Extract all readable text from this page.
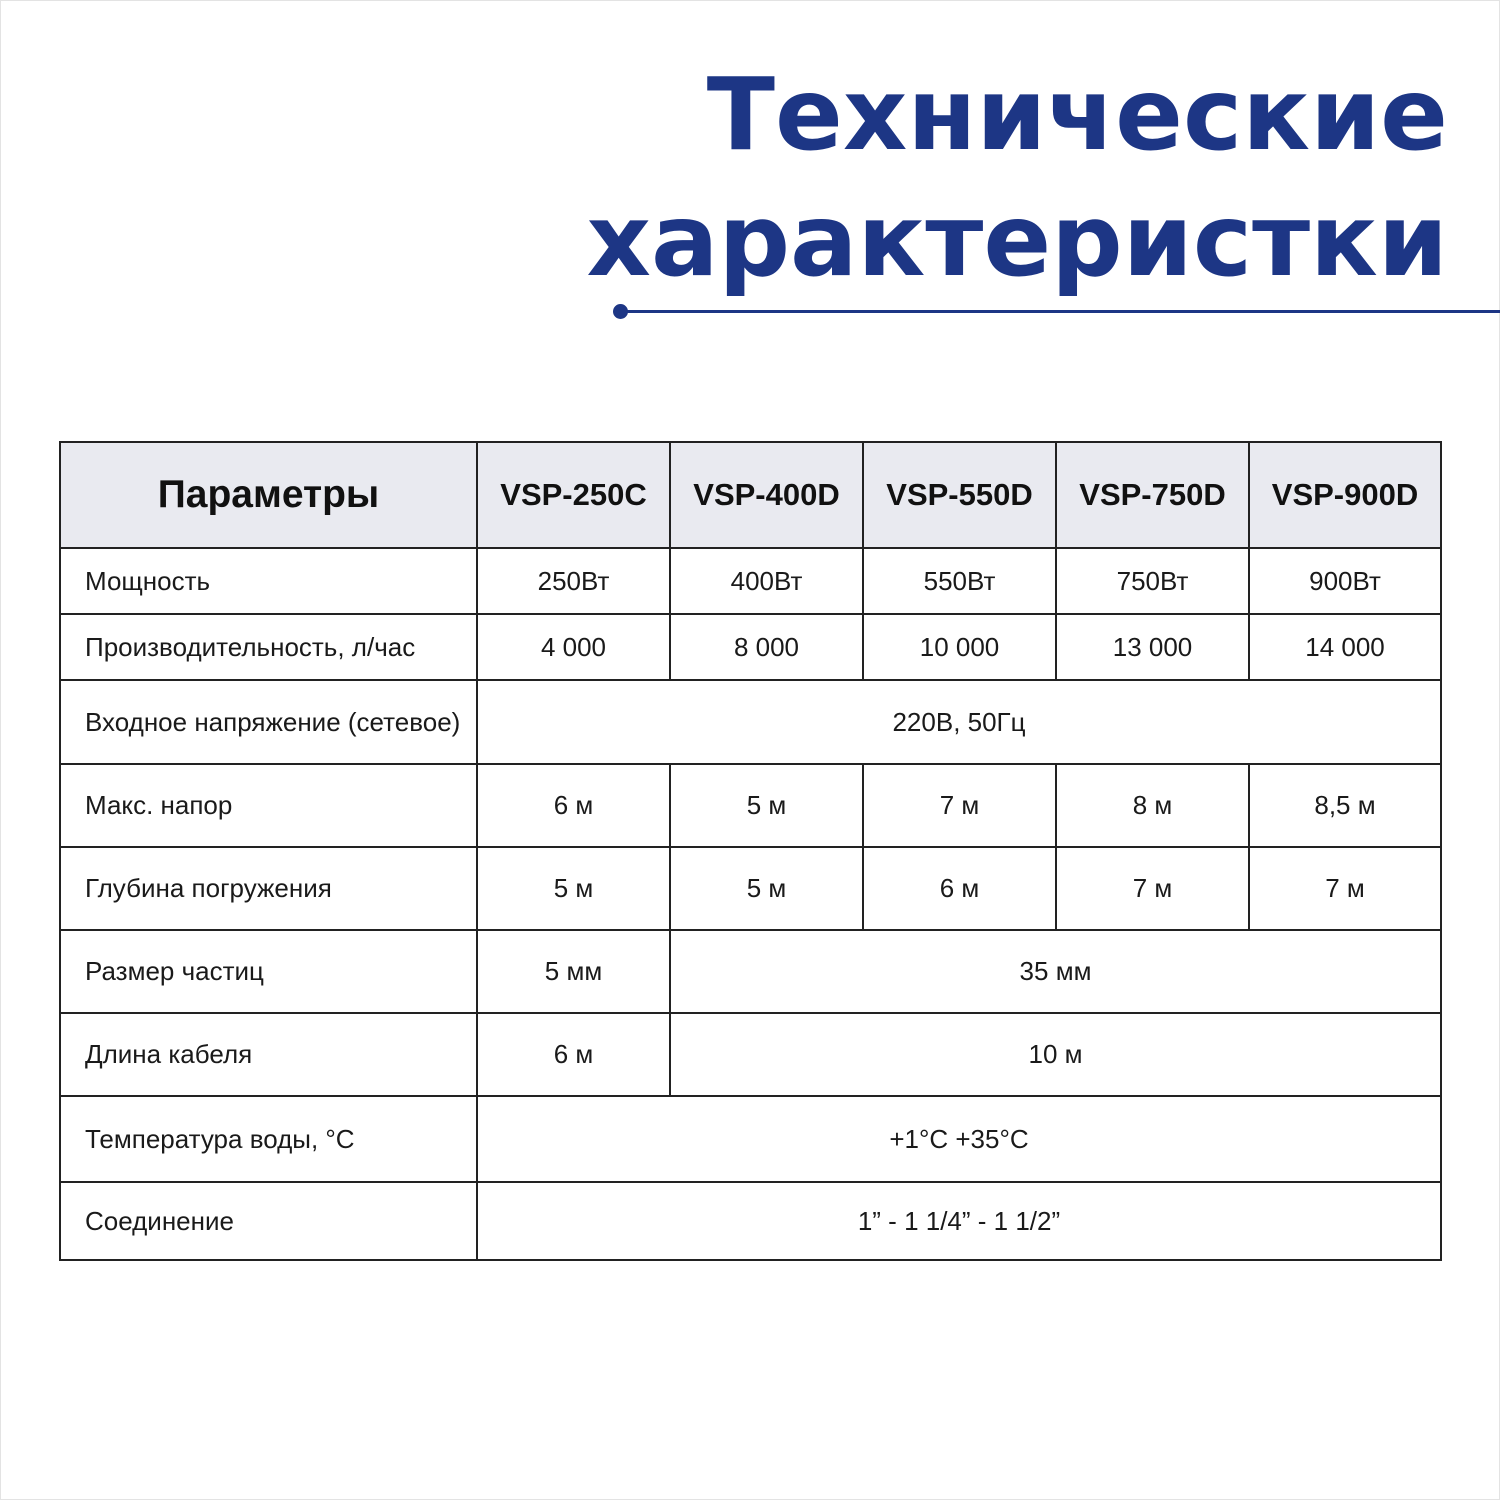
Технические
характеристки
Параметры	VSP-250C	VSP-400D	VSP-550D	VSP-750D	VSP-900D
Мощность	250Вт	400Вт	550Вт	750Вт	900Вт
Производительность, л/час	4 000	8 000	10 000	13 000	14 000
Входное напряжение (сетевое)	220В, 50Гц				
Макс. напор	6 м	5 м	7 м	8 м	8,5 м
Глубина погружения	5 м	5 м	6 м	7 м	7 м
Размер частиц	5 мм	35 мм			
Длина кабеля	6 м	10 м			
Температура воды, °С	+1°С +35°С				
Соединение	1” - 1 1/4” - 1 1/2”				
